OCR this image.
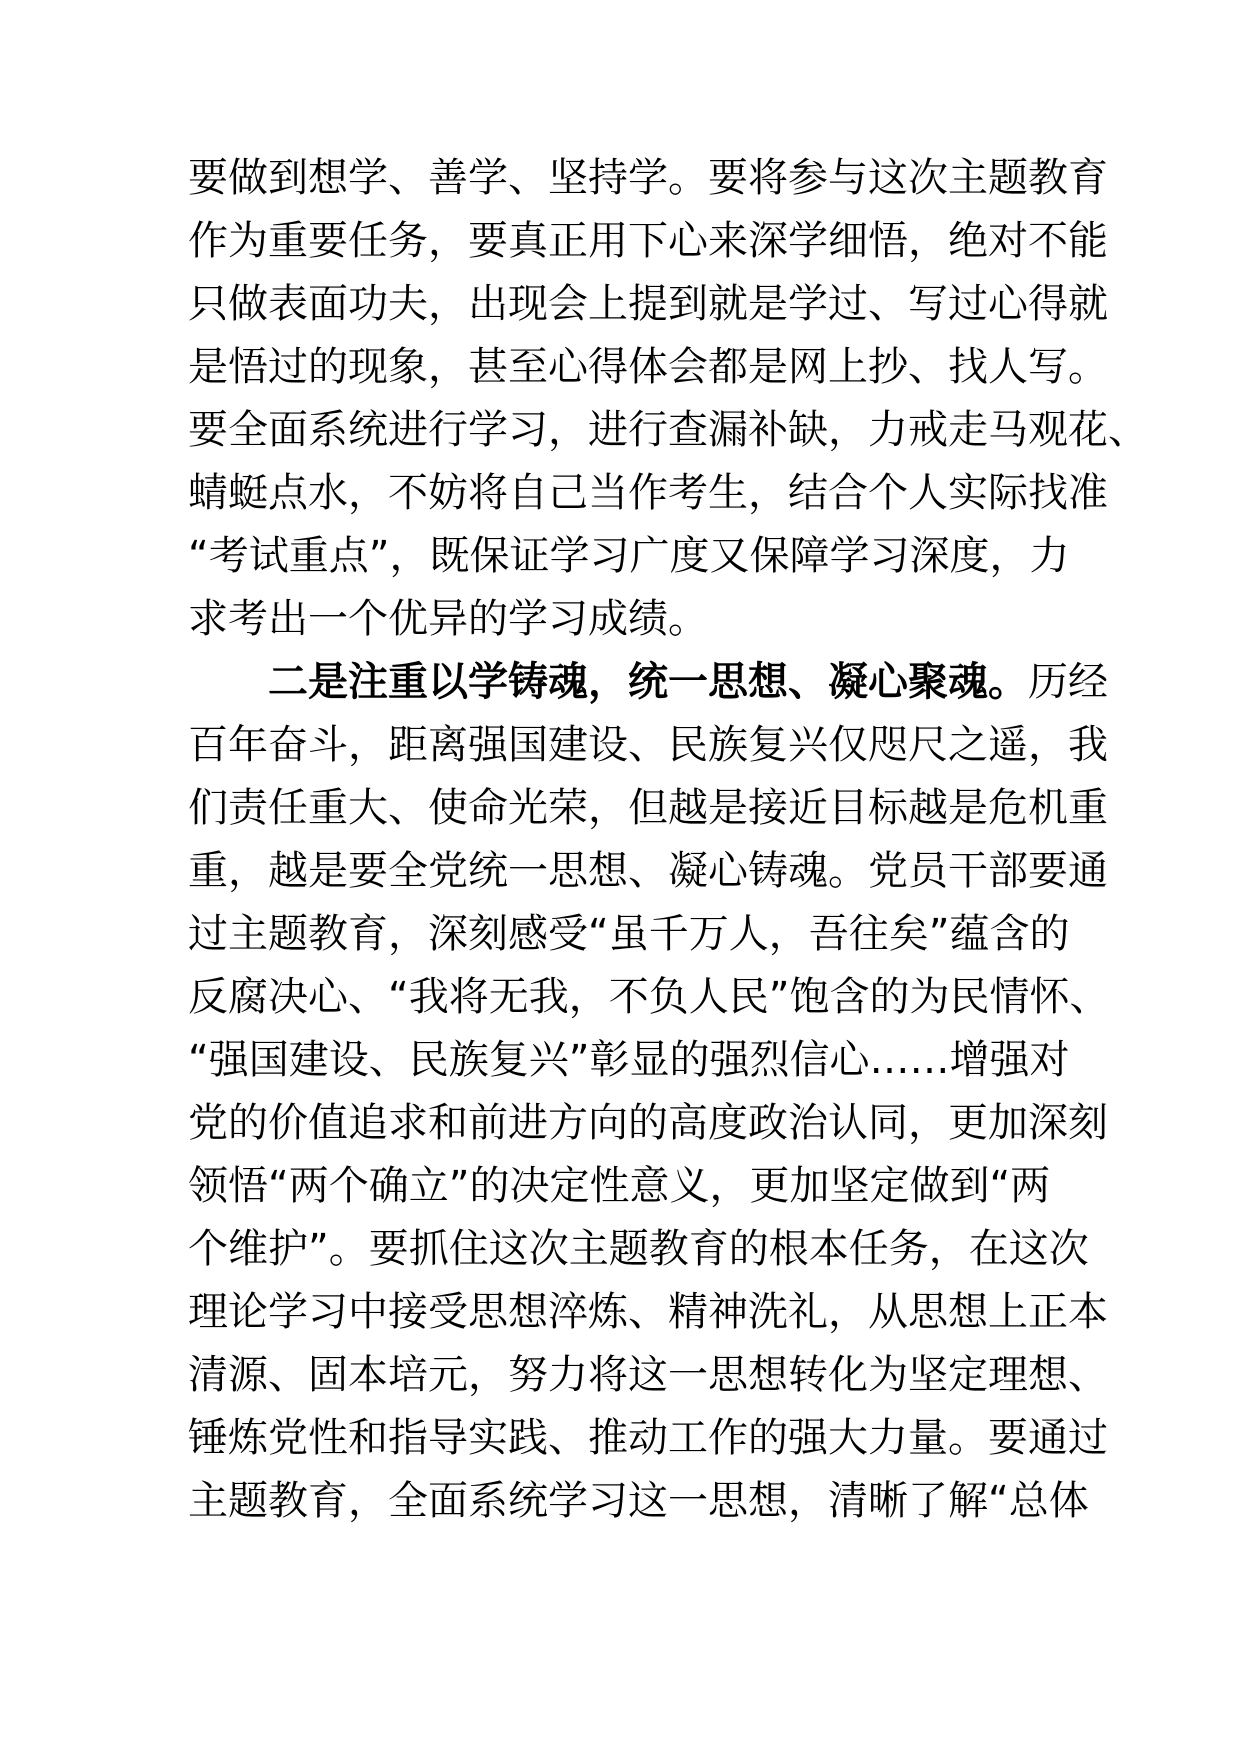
要做到想学、善学、坚持学。要将参与这次主题教育
作为重要任务，要真正用下心来深学细悟，绝对不能
只做表面功夫，出现会上提到就是学过、写过心得就
是悟过的现象，甚至心得体会都是网上抄、找人写。
要全面系统进行学习，进行查漏补缺，力戒走马观花、
蜻蜓点水，不妨将自己当作考生，结合个人实际找准
“考试重点”，既保证学习广度又保障学习深度，力
求考出一个优异的学习成绩。
二是注重以学铸魂，统一思想、凝心聚魂。历经
百年奋斗，距离强国建设、民族复兴仅咫尺之遥，我
们责任重大、使命光荣，但越是接近目标越是危机重
重，越是要全党统一思想、凝心铸魂。党员干部要通
过主题教育，深刻感受“虽千万人，吾往矣”蕴含的
反腐决心、“我将无我，不负人民”饱含的为民情怀、
“强国建设、民族复兴”彰显的强烈信心……增强对
党的价值追求和前进方向的高度政治认同，更加深刻
领悟“两个确立”的决定性意义，更加坚定做到“两
个维护”。要抓住这次主题教育的根本任务，在这次
理论学习中接受思想淬炼、精神洗礼，从思想上正本
清源、固本培元，努力将这一思想转化为坚定理想、
锤炼党性和指导实践、推动工作的强大力量。要通过
主题教育，全面系统学习这一思想，清晰了解“总体
